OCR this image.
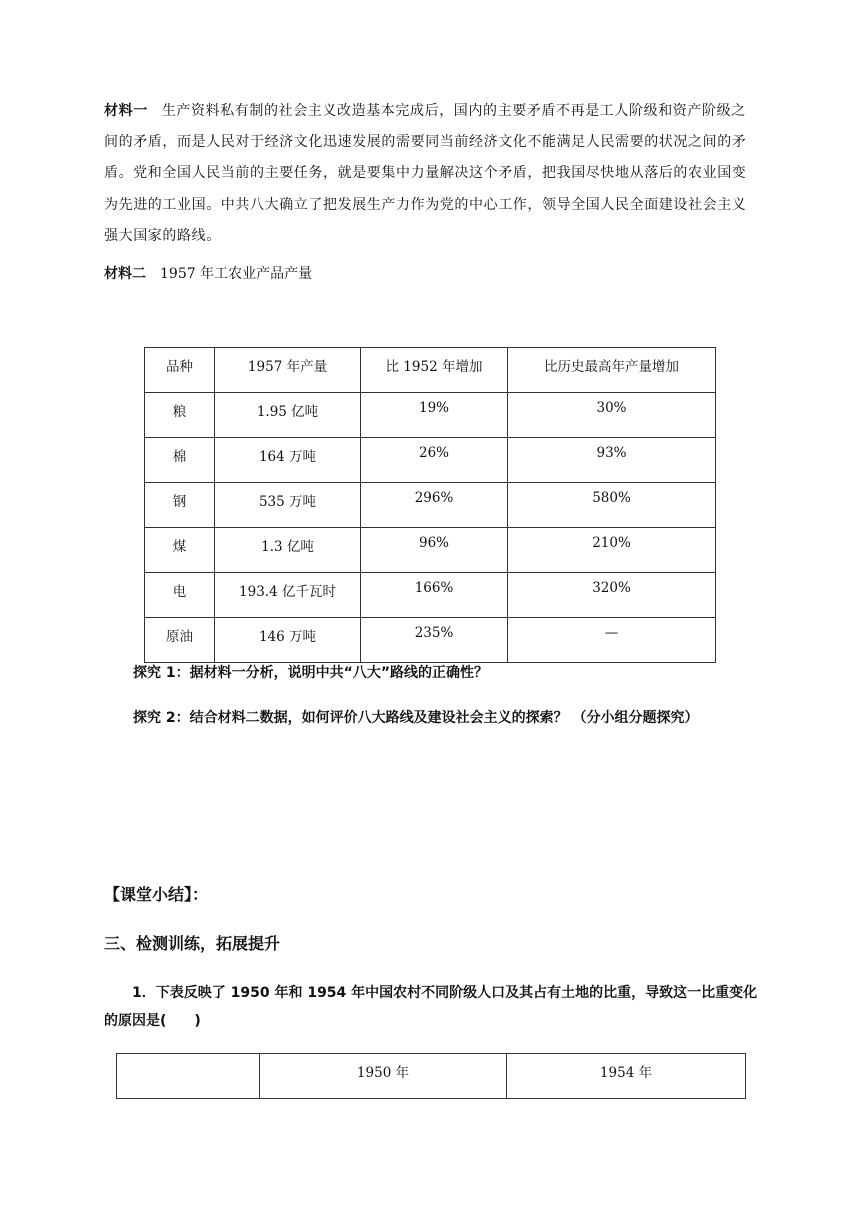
材料一 生产资料私有制的社会主义改造基本完成后，国内的主要矛盾不再是工人阶级和资产阶级之间的矛盾，而是人民对于经济文化迅速发展的需要同当前经济文化不能满足人民需要的状况之间的矛盾。党和全国人民当前的主要任务，就是要集中力量解决这个矛盾，把我国尽快地从落后的农业国变为先进的工业国。中共八大确立了把发展生产力作为党的中心工作，领导全国人民全面建设社会主义强大国家的路线。
材料二 1957 年工农业产品产量
品种	1957 年产量	比 1952 年增加	比历史最高年产量增加
粮	1.95 亿吨	19%	30%
棉	164 万吨	26%	93%
钢	535 万吨	296%	580%
煤	1.3 亿吨	96%	210%
电	193.4 亿千瓦时	166%	320%
原油	146 万吨	235%	—
探究 1：据材料一分析，说明中共“八大”路线的正确性？
探究 2：结合材料二数据，如何评价八大路线及建设社会主义的探索？ （分小组分题探究）
【课堂小结】：
三、检测训练，拓展提升
1．下表反映了 1950 年和 1954 年中国农村不同阶级人口及其占有土地的比重，导致这一比重变化的原因是(　　)
	1950 年	1954 年
